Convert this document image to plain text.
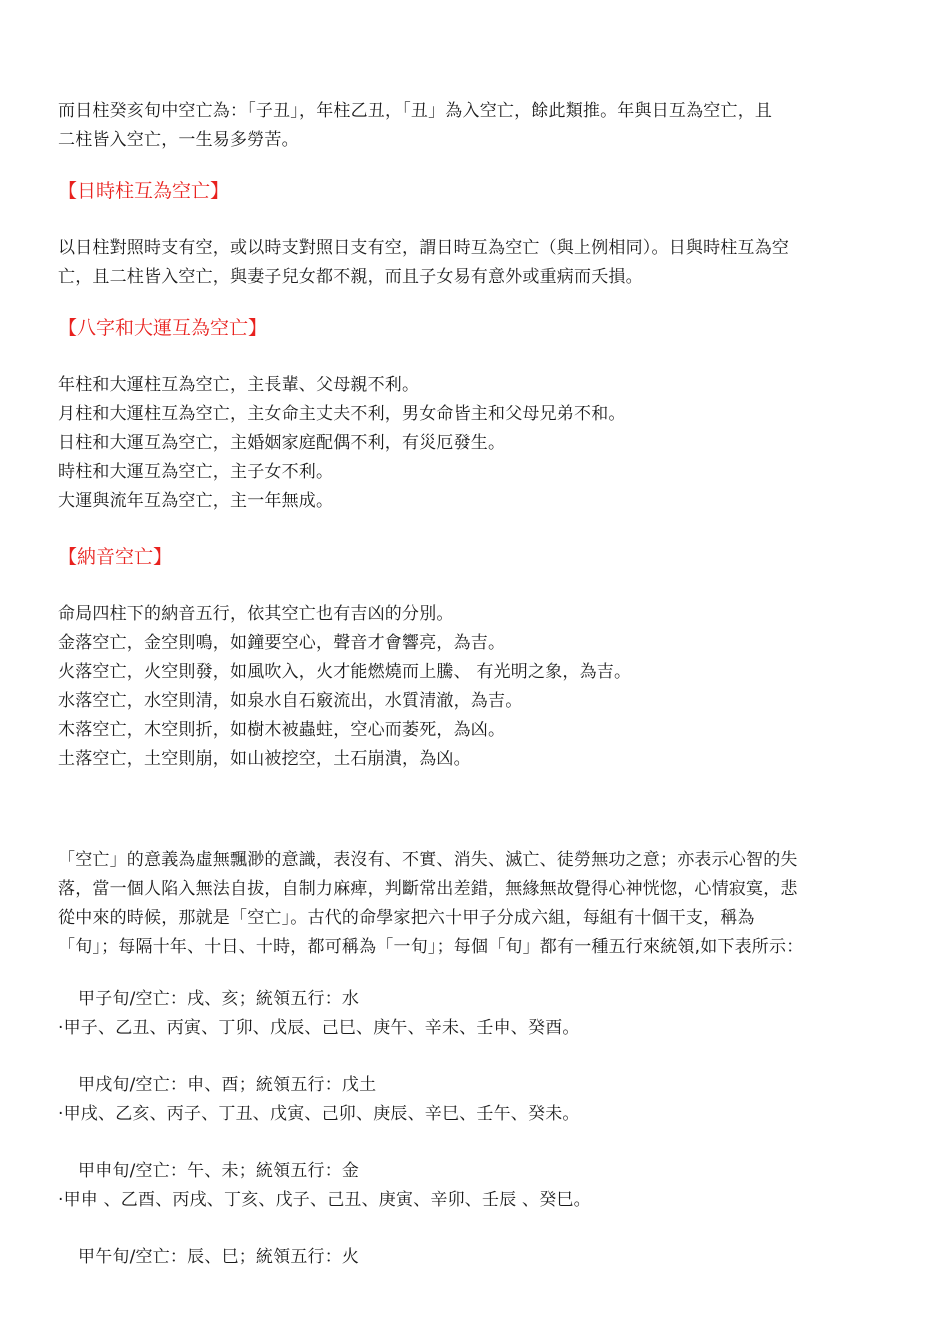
而日柱癸亥旬中空亡為：「子丑」，年柱乙丑，「丑」為入空亡，餘此類推。年與日互為空亡，且
二柱皆入空亡，一生易多勞苦。
【日時柱互為空亡】
以日柱對照時支有空，或以時支對照日支有空，謂日時互為空亡（與上例相同）。日與時柱互為空
亡，且二柱皆入空亡，與妻子兒女都不親，而且子女易有意外或重病而夭損。
【八字和大運互為空亡】
年柱和大運柱互為空亡，主長輩、父母親不利。
月柱和大運柱互為空亡，主女命主丈夫不利，男女命皆主和父母兄弟不和。
日柱和大運互為空亡，主婚姻家庭配偶不利，有災厄發生。
時柱和大運互為空亡，主子女不利。
大運與流年互為空亡，主一年無成。
【納音空亡】
命局四柱下的納音五行，依其空亡也有吉凶的分別。
金落空亡，金空則鳴，如鐘要空心，聲音才會響亮，為吉。
火落空亡，火空則發，如風吹入，火才能燃燒而上騰、 有光明之象，為吉。
水落空亡，水空則清，如泉水自石竅流出，水質清澈，為吉。
木落空亡，木空則折，如樹木被蟲蛀，空心而萎死，為凶。
土落空亡，土空則崩，如山被挖空，土石崩潰，為凶。
「空亡」的意義為虛無飄渺的意識，表沒有、不實、消失、滅亡、徒勞無功之意；亦表示心智的失
落，當一個人陷入無法自拔，自制力麻痺，判斷常出差錯，無緣無故覺得心神恍惚，心情寂寞，悲
從中來的時候，那就是「空亡」。古代的命學家把六十甲子分成六組，每組有十個干支，稱為
「旬」；每隔十年、十日、十時，都可稱為「一旬」；每個「旬」都有一種五行來統領,如下表所示：
甲子旬/空亡：戌、亥；統領五行：水
·甲子、乙丑、丙寅、丁卯、戊辰、己巳、庚午、辛未、壬申、癸酉。
甲戌旬/空亡：申、酉；統領五行：戊土
·甲戌、乙亥、丙子、丁丑、戊寅、己卯、庚辰、辛巳、壬午、癸未。
甲申旬/空亡：午、未；統領五行：金
·甲申 、乙酉、丙戌、丁亥、戊子、己丑、庚寅、辛卯、壬辰 、癸巳。
甲午旬/空亡：辰、巳；統領五行：火
